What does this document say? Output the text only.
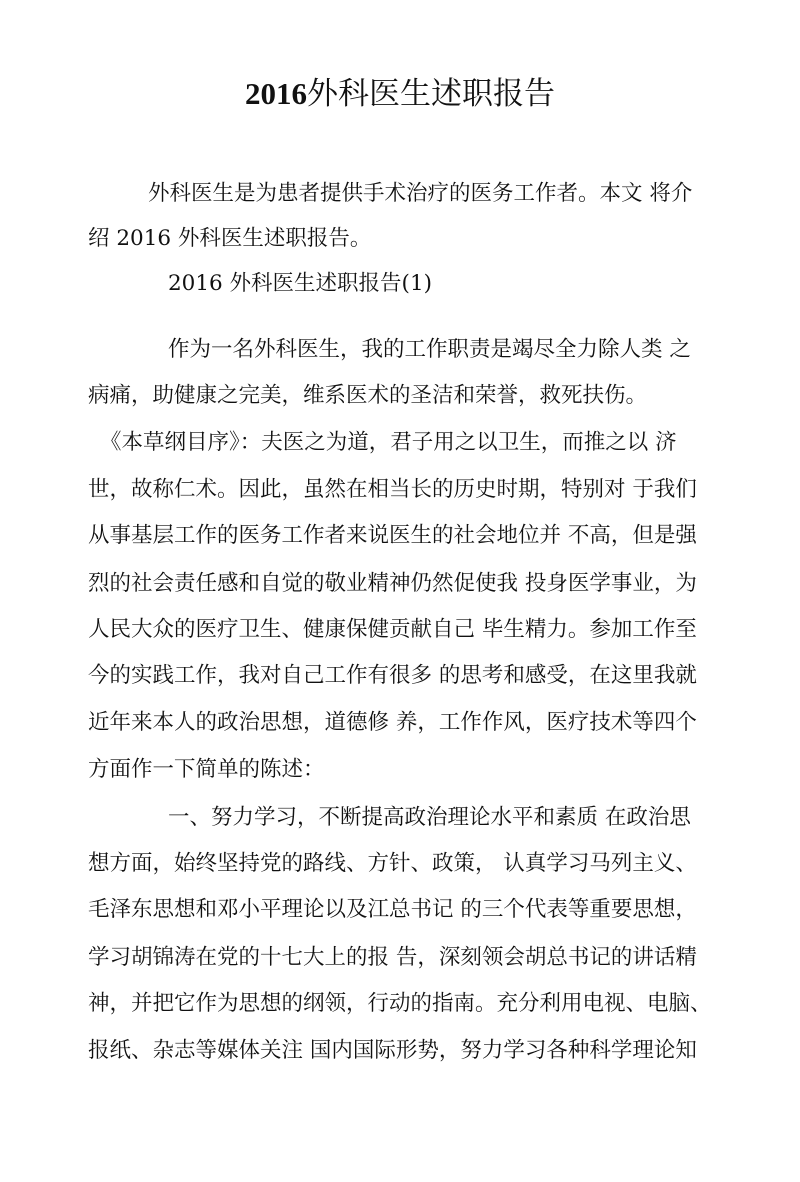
2016外科医生述职报告

外科医生是为患者提供手术治疗的医务工作者。本文 将介

绍 2016 外科医生述职报告。

2016 外科医生述职报告(1)

作为一名外科医生，我的工作职责是竭尽全力除人类 之

病痛，助健康之完美，维系医术的圣洁和荣誉，救死扶伤。

《本草纲目序》：夫医之为道，君子用之以卫生，而推之以 济

世，故称仁术。因此，虽然在相当长的历史时期，特别对 于我们

从事基层工作的医务工作者来说医生的社会地位并 不高，但是强

烈的社会责任感和自觉的敬业精神仍然促使我 投身医学事业，为

人民大众的医疗卫生、健康保健贡献自己 毕生精力。参加工作至

今的实践工作，我对自己工作有很多 的思考和感受，在这里我就

近年来本人的政治思想，道德修 养，工作作风，医疗技术等四个

方面作一下简单的陈述：

一、努力学习，不断提高政治理论水平和素质 在政治思

想方面，始终坚持党的路线、方针、政策， 认真学习马列主义、

毛泽东思想和邓小平理论以及江总书记 的三个代表等重要思想，

学习胡锦涛在党的十七大上的报 告，深刻领会胡总书记的讲话精

神，并把它作为思想的纲领，行动的指南。充分利用电视、电脑、

报纸、杂志等媒体关注 国内国际形势，努力学习各种科学理论知
